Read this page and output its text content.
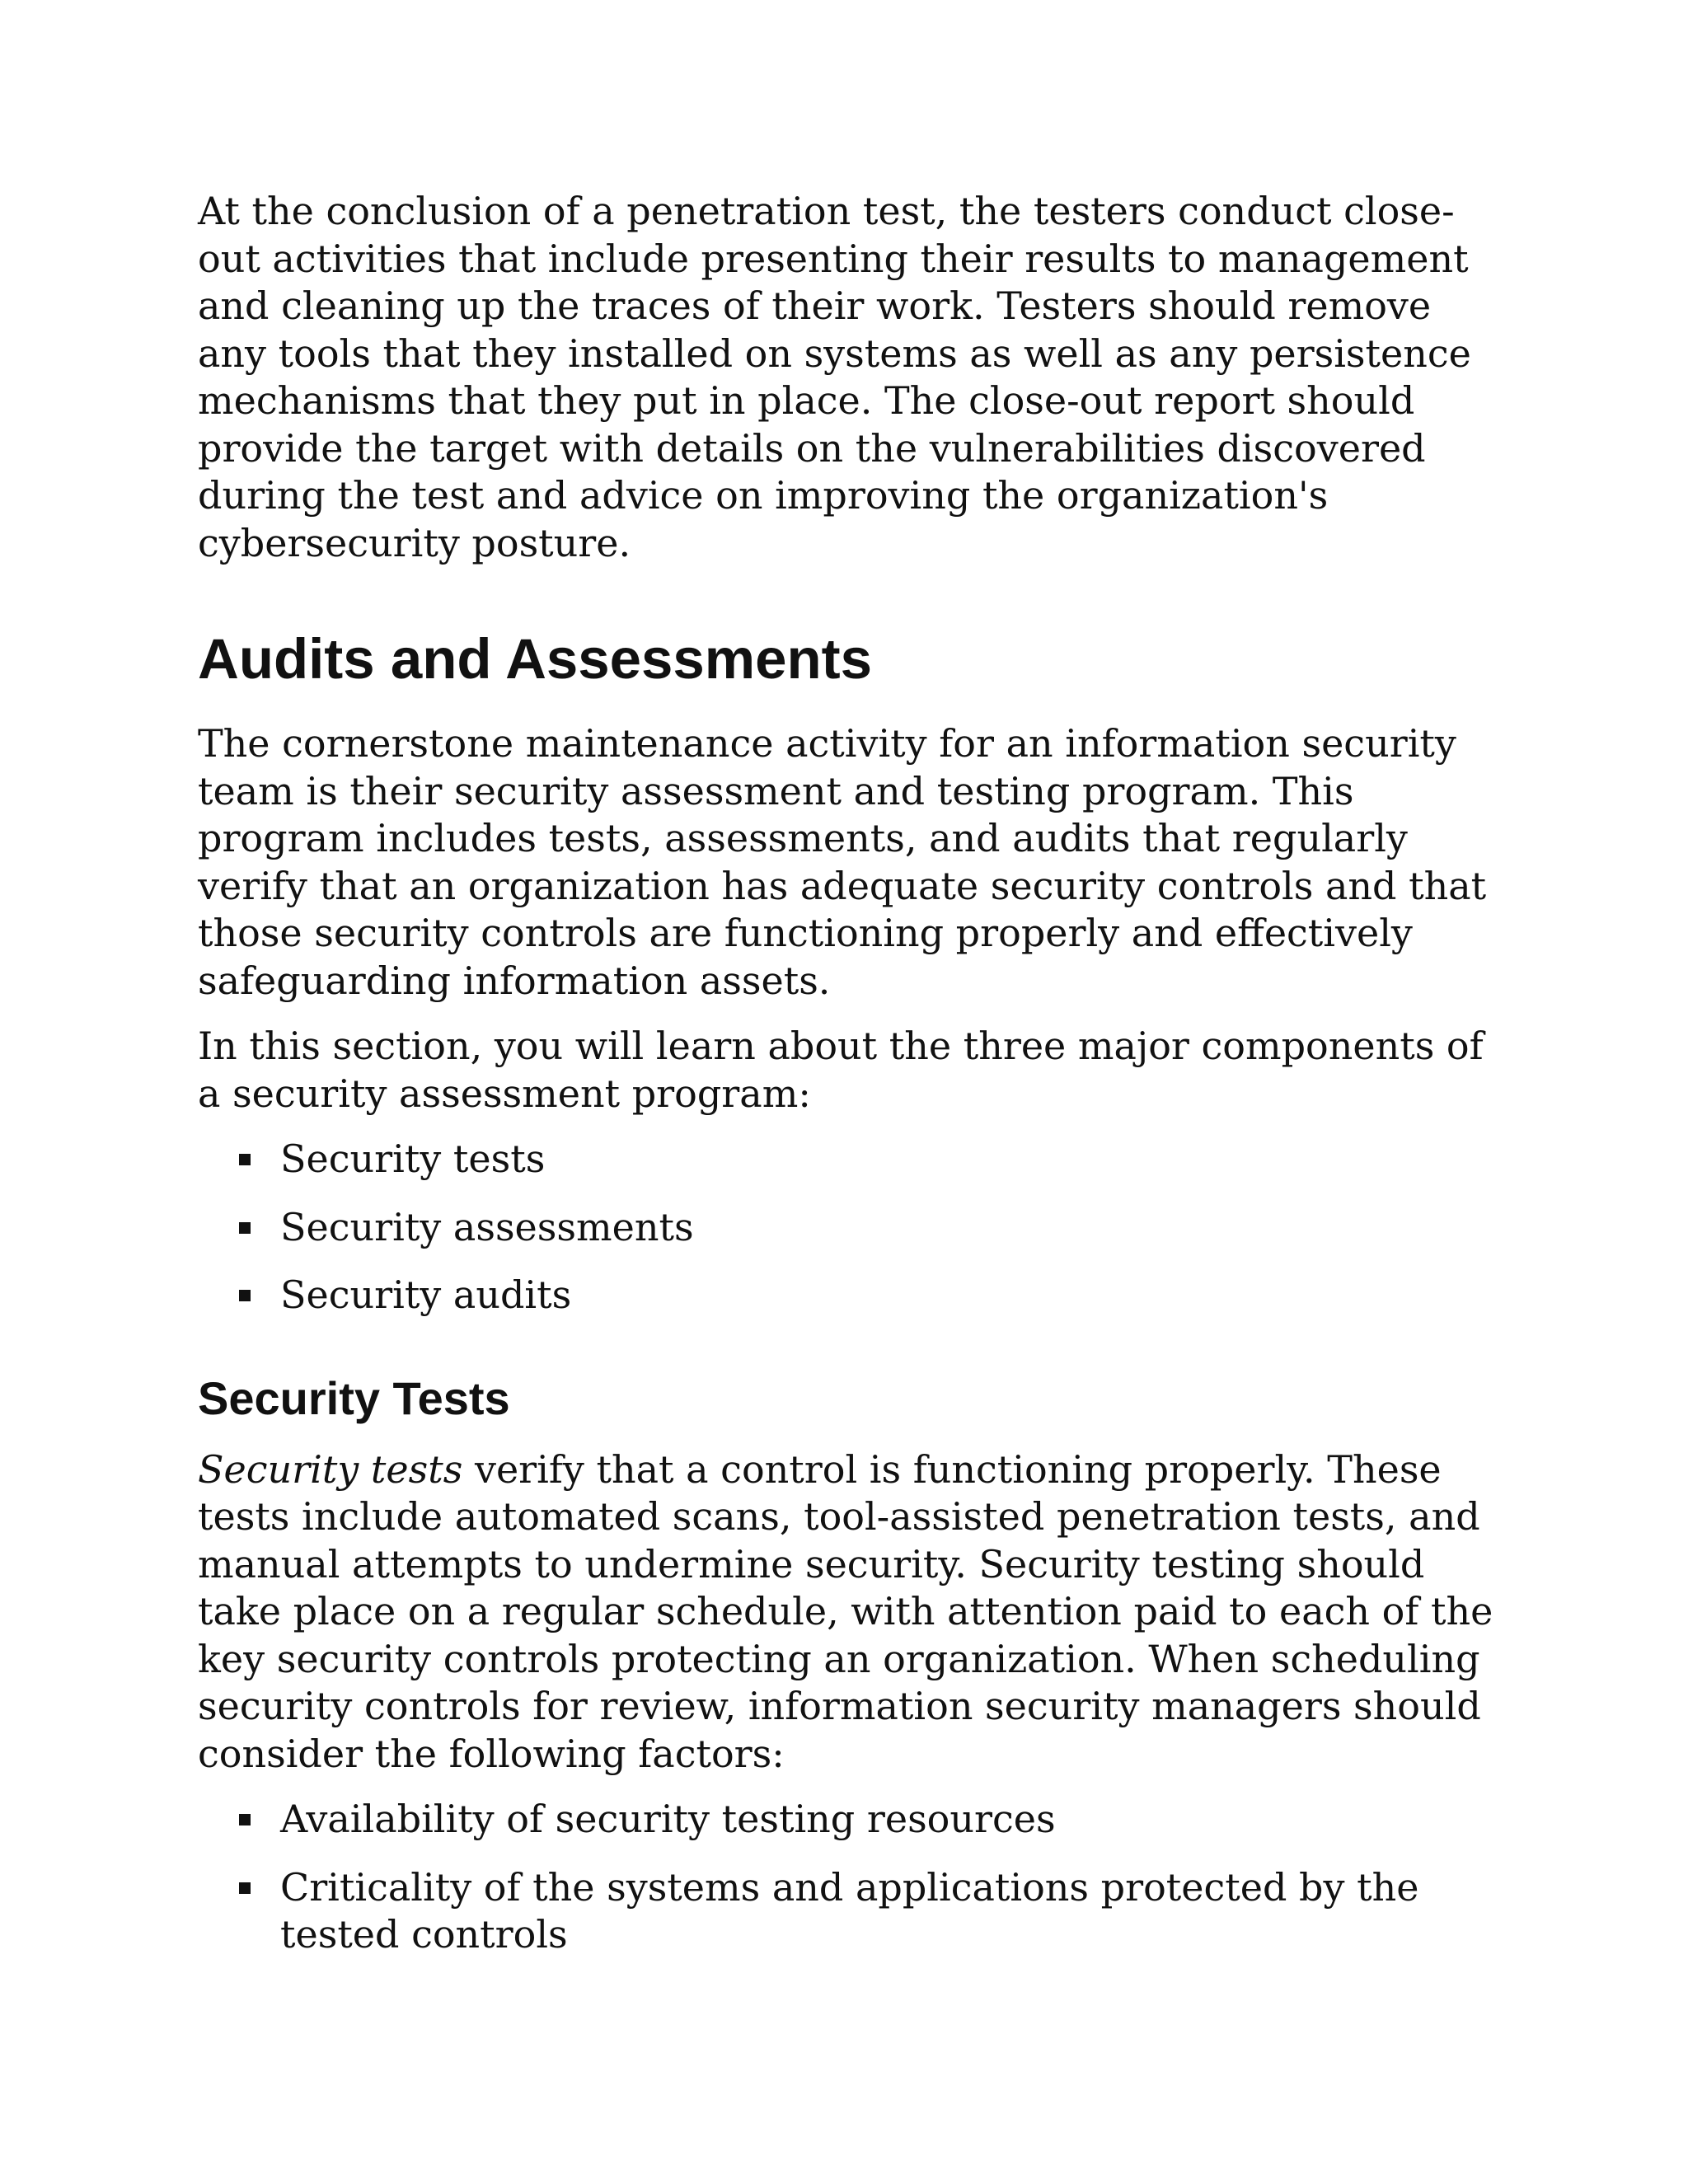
At the conclusion of a penetration test, the testers conduct close-out activities that include presenting their results to management and cleaning up the traces of their work. Testers should remove any tools that they installed on systems as well as any persistence mechanisms that they put in place. The close-out report should provide the target with details on the vulnerabilities discovered during the test and advice on improving the organization's cybersecurity posture.

Audits and Assessments

The cornerstone maintenance activity for an information security team is their security assessment and testing program. This program includes tests, assessments, and audits that regularly verify that an organization has adequate security controls and that those security controls are functioning properly and effectively safeguarding information assets.

In this section, you will learn about the three major components of a security assessment program:

Security tests
Security assessments
Security audits
Security Tests

Security tests verify that a control is functioning properly. These tests include automated scans, tool-assisted penetration tests, and manual attempts to undermine security. Security testing should take place on a regular schedule, with attention paid to each of the key security controls protecting an organization. When scheduling security controls for review, information security managers should consider the following factors:

Availability of security testing resources
Criticality of the systems and applications protected by the tested controls
